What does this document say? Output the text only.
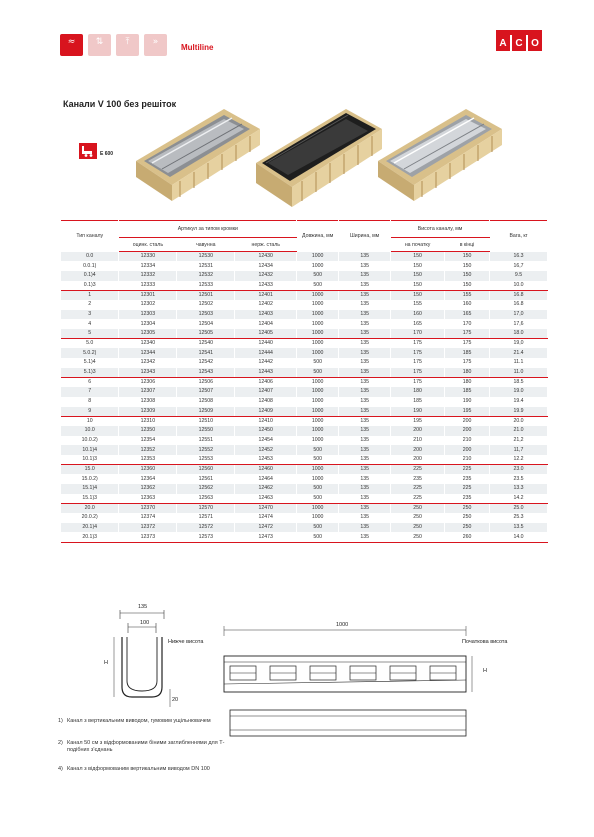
≈	⇅	⤒	»
Multiline	A C O
Канали V 100 без решіток
E 600
Тип каналу	Артикул за типом кромки			Довжина, мм	Ширина, мм	Висота каналу, мм		Вага, кг
	оцинк. сталь	чавунна	нерж. сталь			на початку	в кінці	
0.0	12330	12530	12430	1000	135	150	150	16.3
0.0.1)	12334	12531	12434	1000	135	150	150	16,7
0.1)4	12332	12532	12432	500	135	150	150	9.5
0.1)3	12333	12533	12433	500	135	150	150	10.0
1	12301	12501	12401	1000	135	150	155	16.8
2	12302	12502	12402	1000	135	155	160	16.8
3	12303	12503	12403	1000	135	160	165	17,0
4	12304	12504	12404	1000	135	165	170	17,6
5	12305	12505	12405	1000	135	170	175	18.0
5.0	12340	12540	12440	1000	135	175	175	19,0
5.0.2)	12344	12541	12444	1000	135	175	185	21.4
5.1)4	12342	12542	12442	500	135	175	175	11.1
5.1)3	12343	12543	12443	500	135	175	180	11.0
6	12306	12506	12406	1000	135	175	180	18.5
7	12307	12507	12407	1000	135	180	185	19.0
8	12308	12508	12408	1000	135	185	190	19.4
9	12309	12509	12409	1000	135	190	195	19.9
10	12310	12510	12410	1000	135	195	200	20.0
10.0	12350	12550	12450	1000	135	200	200	21.0
10.0.2)	12354	12551	12454	1000	135	210	210	21,2
10.1)4	12352	12552	12452	500	135	200	200	11,7
10.1)3	12353	12553	12453	500	135	200	210	12.2
15.0	12360	12560	12460	1000	135	225	225	23.0
15.0.2)	12364	12561	12464	1000	135	235	235	23.5
15.1)4	12362	12562	12462	500	135	225	225	13.3
15.1)3	12363	12563	12463	500	135	225	235	14.2
20.0	12370	12570	12470	1000	135	250	250	25.0
20.0.2)	12374	12571	12474	1000	135	250	250	25.3
20.1)4	12372	12572	12472	500	135	250	250	13.5
20.1)3	12373	12573	12473	500	135	250	260	14.0
135
100
H
20
1000
Нижче висота	Початкова висота
H
1) Канал з вертикальним виводом, гумовим ущільнювачем
2) Канал 50 см з відформованими біними заглибленнями для Т-подібних з'єднань
4) Канал з відформованим вертикальним виводом DN 100
